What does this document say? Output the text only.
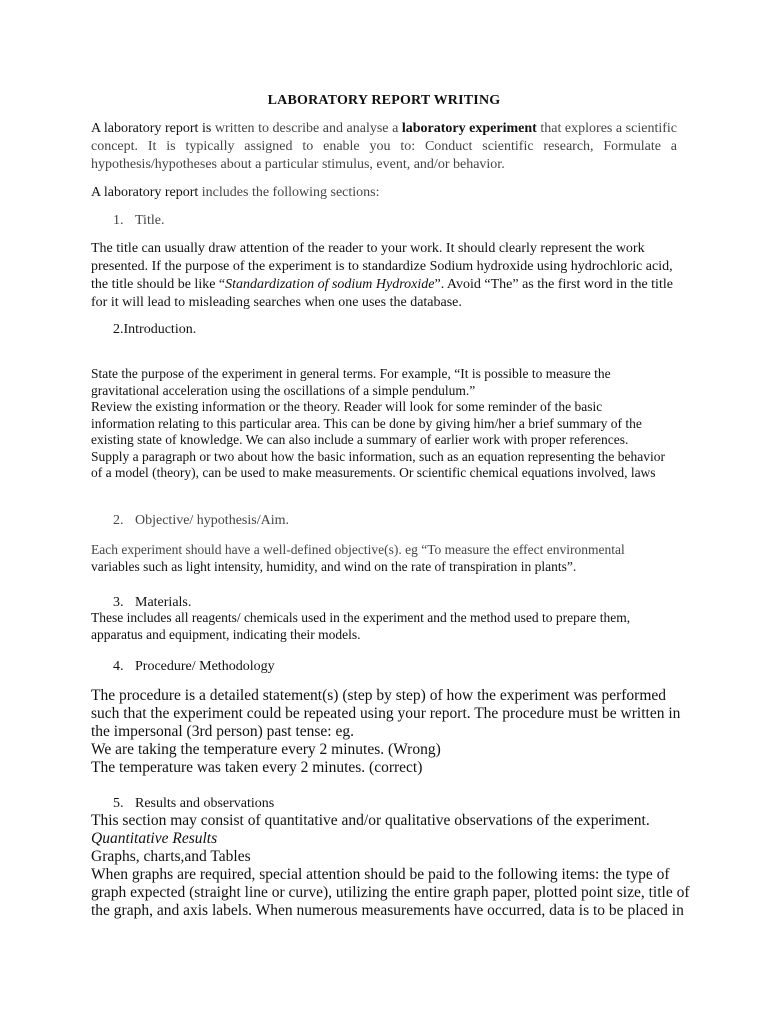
LABORATORY REPORT WRITING

A laboratory report is written to describe and analyse a laboratory experiment that explores a scientific concept. It is typically assigned to enable you to: Conduct scientific research, Formulate a hypothesis/hypotheses about a particular stimulus, event, and/or behavior.

A laboratory report includes the following sections:

1. Title.
The title can usually draw attention of the reader to your work. It should clearly represent the work
presented. If the purpose of the experiment is to standardize Sodium hydroxide using hydrochloric acid,
the title should be like “Standardization of sodium Hydroxide”. Avoid “The” as the first word in the title
for it will lead to misleading searches when one uses the database.
2.Introduction.
State the purpose of the experiment in general terms. For example, “It is possible to measure the
gravitational acceleration using the oscillations of a simple pendulum.”
Review the existing information or the theory. Reader will look for some reminder of the basic
information relating to this particular area. This can be done by giving him/her a brief summary of the
existing state of knowledge. We can also include a summary of earlier work with proper references.
Supply a paragraph or two about how the basic information, such as an equation representing the behavior
of a model (theory), can be used to make measurements. Or scientific chemical equations involved, laws
2. Objective/ hypothesis/Aim.
Each experiment should have a well-defined objective(s). eg “To measure the effect environmental
variables such as light intensity, humidity, and wind on the rate of transpiration in plants”.
3. Materials.
These includes all reagents/ chemicals used in the experiment and the method used to prepare them,
apparatus and equipment, indicating their models.
4. Procedure/ Methodology
The procedure is a detailed statement(s) (step by step) of how the experiment was performed
such that the experiment could be repeated using your report. The procedure must be written in
the impersonal (3rd person) past tense: eg.
We are taking the temperature every 2 minutes. (Wrong)
The temperature was taken every 2 minutes. (correct)
5. Results and observations
This section may consist of quantitative and/or qualitative observations of the experiment.
Quantitative Results
Graphs, charts,and Tables
When graphs are required, special attention should be paid to the following items: the type of
graph expected (straight line or curve), utilizing the entire graph paper, plotted point size, title of
the graph, and axis labels. When numerous measurements have occurred, data is to be placed in
